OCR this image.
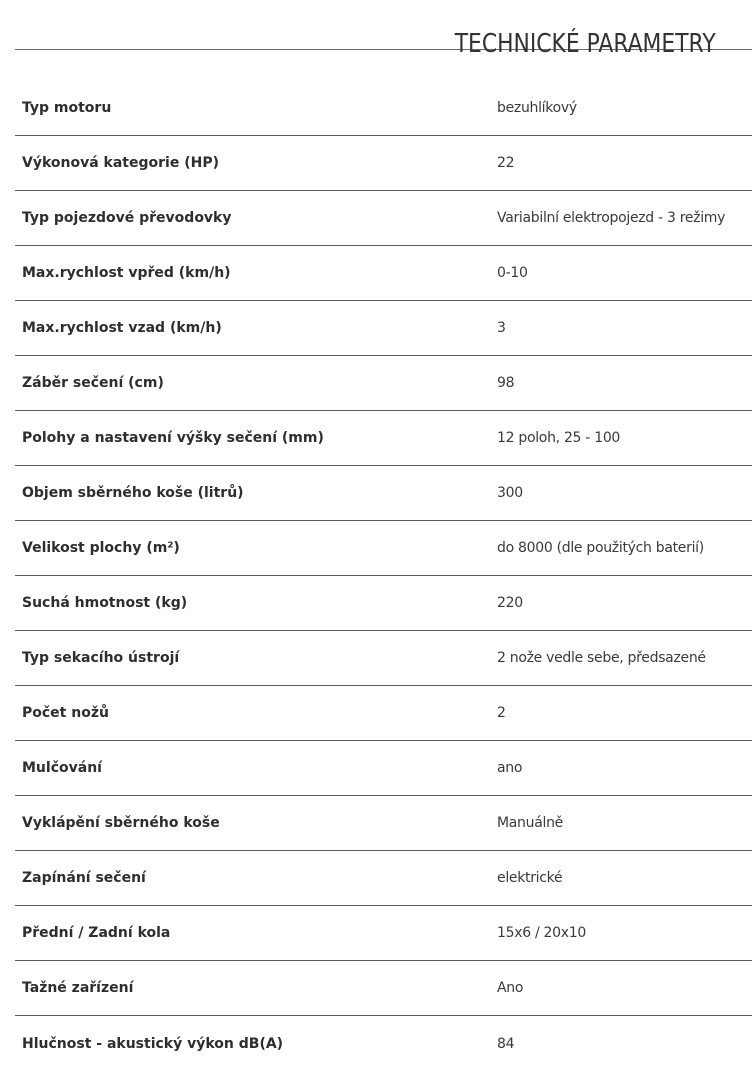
TECHNICKÉ PARAMETRY
Typ motoru	bezuhlíkový
Výkonová kategorie (HP)	22
Typ pojezdové převodovky	Variabilní elektropojezd - 3 režimy
Max.rychlost vpřed (km/h)	0-10
Max.rychlost vzad (km/h)	3
Záběr sečení (cm)	98
Polohy a nastavení výšky sečení (mm)	12 poloh, 25 - 100
Objem sběrného koše (litrů)	300
Velikost plochy (m²)	do 8000 (dle použitých baterií)
Suchá hmotnost (kg)	220
Typ sekacího ústrojí	2 nože vedle sebe, předsazené
Počet nožů	2
Mulčování	ano
Vyklápění sběrného koše	Manuálně
Zapínání sečení	elektrické
Přední / Zadní kola	15x6 / 20x10
Tažné zařízení	Ano
Hlučnost - akustický výkon dB(A)	84
